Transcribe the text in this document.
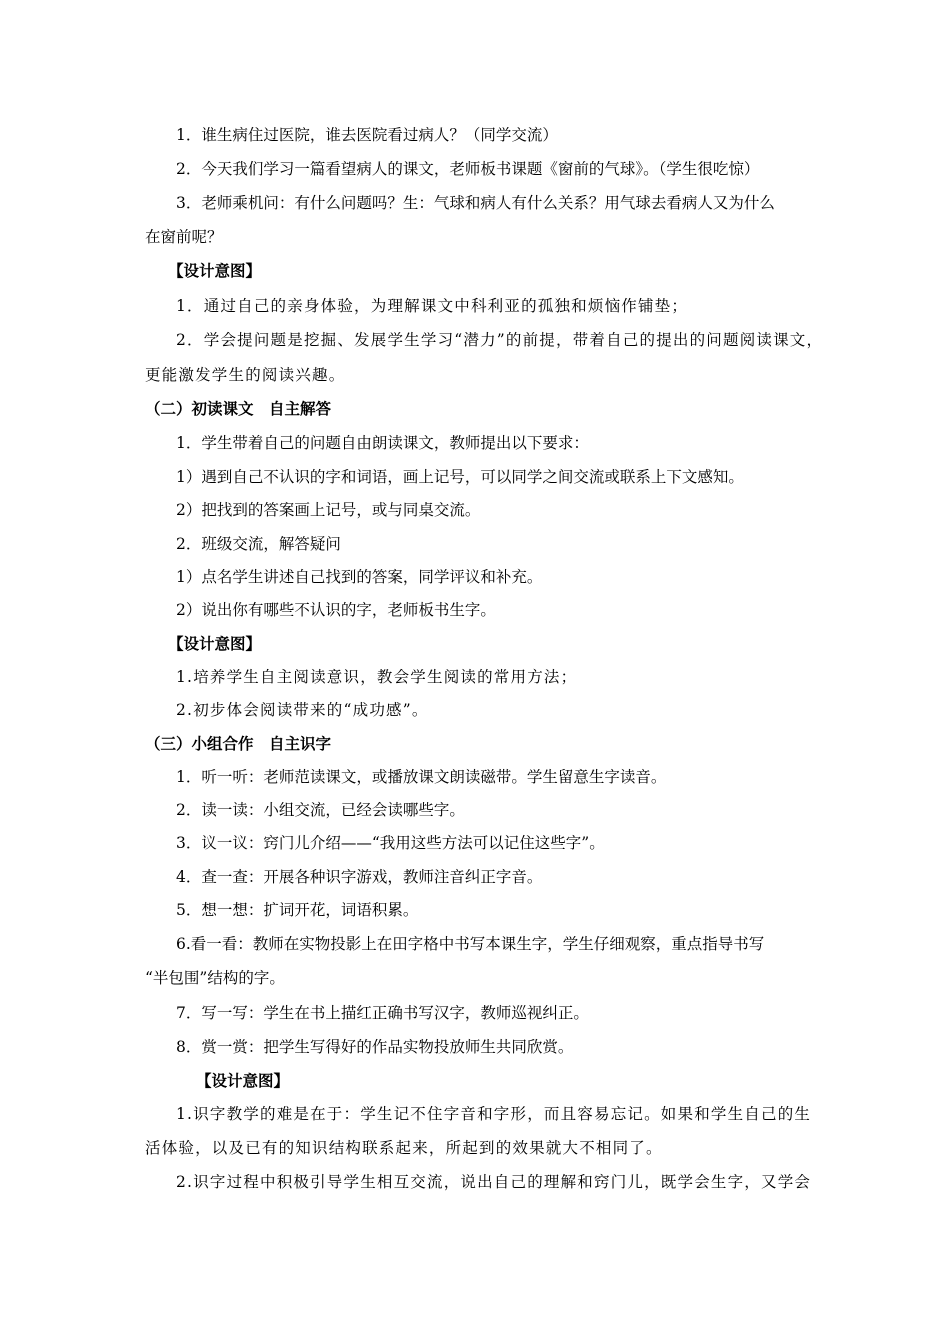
1．谁生病住过医院，谁去医院看过病人？（同学交流）
2．今天我们学习一篇看望病人的课文，老师板书课题《窗前的气球》。（学生很吃惊）
3．老师乘机问：有什么问题吗？生：气球和病人有什么关系？用气球去看病人又为什么
在窗前呢？
【设计意图】
1．通过自己的亲身体验，为理解课文中科利亚的孤独和烦恼作铺垫；
2．学会提问题是挖掘、发展学生学习“潜力”的前提，带着自己的提出的问题阅读课文，
更能激发学生的阅读兴趣。
（二）初读课文　自主解答
1．学生带着自己的问题自由朗读课文，教师提出以下要求：
1）遇到自己不认识的字和词语，画上记号，可以同学之间交流或联系上下文感知。
2）把找到的答案画上记号，或与同桌交流。
2．班级交流，解答疑问
1）点名学生讲述自己找到的答案，同学评议和补充。
2）说出你有哪些不认识的字，老师板书生字。
【设计意图】
1.培养学生自主阅读意识，教会学生阅读的常用方法；
2.初步体会阅读带来的“成功感”。
（三）小组合作　自主识字
1．听一听：老师范读课文，或播放课文朗读磁带。学生留意生字读音。
2．读一读：小组交流，已经会读哪些字。
3．议一议：窍门儿介绍——“我用这些方法可以记住这些字”。
4．查一查：开展各种识字游戏，教师注音纠正字音。
5．想一想：扩词开花，词语积累。
6.看一看：教师在实物投影上在田字格中书写本课生字，学生仔细观察，重点指导书写
“半包围”结构的字。
7．写一写：学生在书上描红正确书写汉字，教师巡视纠正。
8．赏一赏：把学生写得好的作品实物投放师生共同欣赏。
【设计意图】
1.识字教学的难是在于：学生记不住字音和字形，而且容易忘记。如果和学生自己的生
活体验，以及已有的知识结构联系起来，所起到的效果就大不相同了。
2.识字过程中积极引导学生相互交流，说出自己的理解和窍门儿，既学会生字，又学会
